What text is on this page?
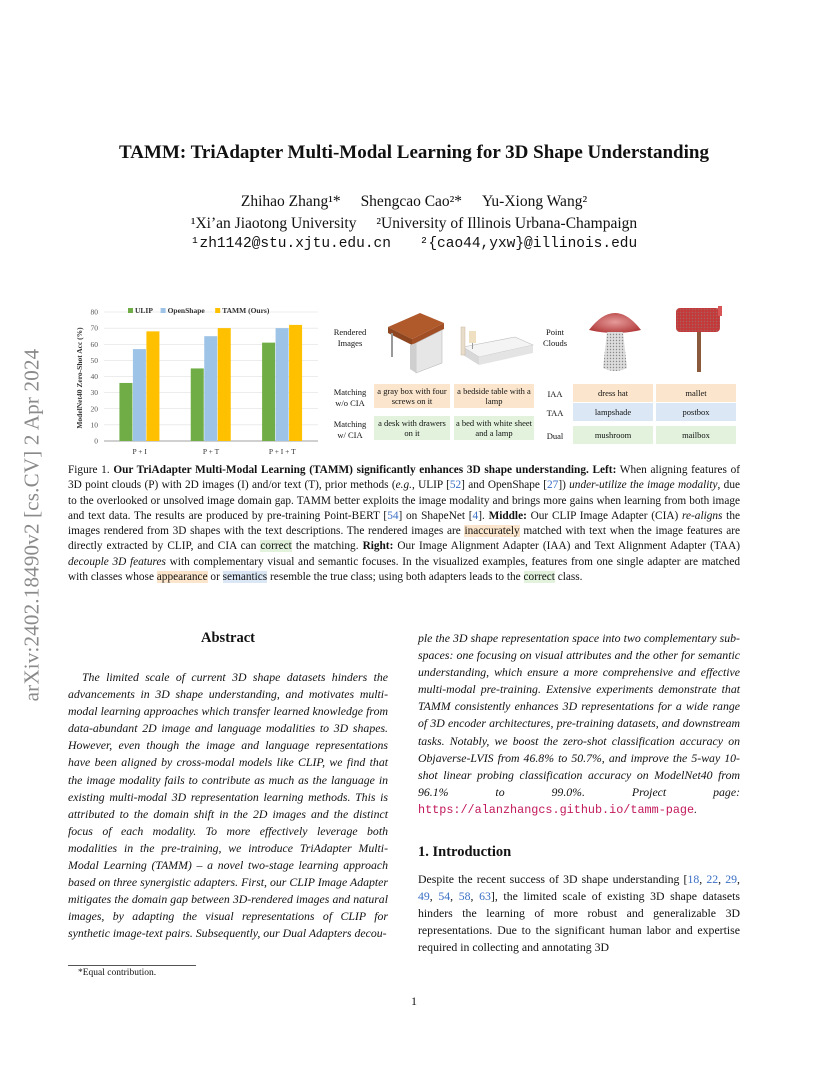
arXiv:2402.18490v2 [cs.CV] 2 Apr 2024
TAMM: TriAdapter Multi-Modal Learning for 3D Shape Understanding
Zhihao Zhang¹* Shengcao Cao²* Yu-Xiong Wang²
¹Xi’an Jiaotong University ²University of Illinois Urbana-Champaign
¹zh1142@stu.xjtu.edu.cn ²{cao44,yxw}@illinois.edu
0
10
20
30
40
50
60
70
80
P + I	P + T	P + I + T
ULIP OpenShape TAMM (Ours)
ModelNet40 Zero-Shot Acc (%)	Rendered
Images
Matching
w/o CIA
a gray box with four screws on it
a bedside table with a lamp
Matching
w/ CIA
a desk with drawers on it
a bed with white sheet and a lamp
Point
Clouds
IAA	dress hat	mallet
TAA	lampshade	postbox
Dual	mushroom	mailbox
Figure 1. Our TriAdapter Multi-Modal Learning (TAMM) significantly enhances 3D shape understanding. Left: When aligning features of 3D point clouds (P) with 2D images (I) and/or text (T), prior methods (e.g., ULIP [52] and OpenShape [27]) under-utilize the image modality, due to the overlooked or unsolved image domain gap. TAMM better exploits the image modality and brings more gains when learning from both image and text data. The results are produced by pre-training Point-BERT [54] on ShapeNet [4]. Middle: Our CLIP Image Adapter (CIA) re-aligns the images rendered from 3D shapes with the text descriptions. The rendered images are inaccurately matched with text when the image features are directly extracted by CLIP, and CIA can correct the matching. Right: Our Image Alignment Adapter (IAA) and Text Alignment Adapter (TAA) decouple 3D features with complementary visual and semantic focuses. In the visualized examples, features from one single adapter are matched with classes whose appearance or semantics resemble the true class; using both adapters leads to the correct class.
Abstract
The limited scale of current 3D shape datasets hinders the advancements in 3D shape understanding, and motivates multi-modal learning approaches which transfer learned knowledge from data-abundant 2D image and language modalities to 3D shapes. However, even though the image and language representations have been aligned by cross-modal models like CLIP, we find that the image modality fails to contribute as much as the language in existing multi-modal 3D representation learning methods. This is attributed to the domain shift in the 2D images and the distinct focus of each modality. To more effectively leverage both modalities in the pre-training, we introduce TriAdapter Multi-Modal Learning (TAMM) – a novel two-stage learning approach based on three synergistic adapters. First, our CLIP Image Adapter mitigates the domain gap between 3D-rendered images and natural images, by adapting the visual representations of CLIP for synthetic image-text pairs. Subsequently, our Dual Adapters decou-
ple the 3D shape representation space into two complementary sub-spaces: one focusing on visual attributes and the other for semantic understanding, which ensure a more comprehensive and effective multi-modal pre-training. Extensive experiments demonstrate that TAMM consistently enhances 3D representations for a wide range of 3D encoder architectures, pre-training datasets, and downstream tasks. Notably, we boost the zero-shot classification accuracy on Objaverse-LVIS from 46.8% to 50.7%, and improve the 5-way 10-shot linear probing classification accuracy on ModelNet40 from 96.1% to 99.0%. Project page: https://alanzhangcs.github.io/tamm-page.
1. Introduction
Despite the recent success of 3D shape understanding [18, 22, 29, 49, 54, 58, 63], the limited scale of existing 3D shape datasets hinders the learning of more robust and generalizable 3D representations. Due to the significant human labor and expertise required in collecting and annotating 3D
*Equal contribution.
1
